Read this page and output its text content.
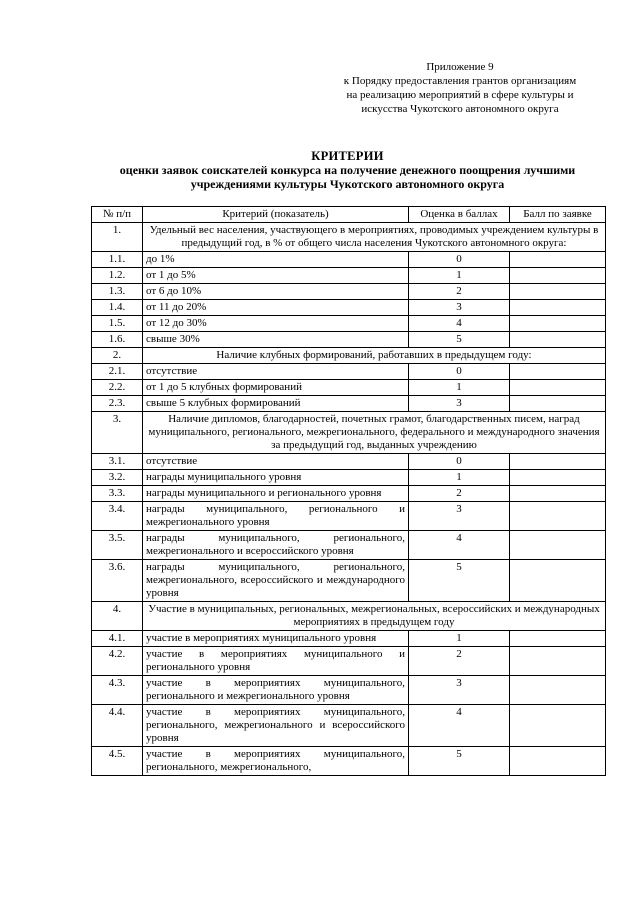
Приложение 9
к Порядку предоставления грантов организациям
на реализацию мероприятий в сфере культуры и
искусства Чукотского автономного округа
КРИТЕРИИ
оценки заявок соискателей конкурса на получение денежного поощрения лучшими
учреждениями культуры Чукотского автономного округа
№ п/п	Критерий (показатель)	Оценка в баллах	Балл по заявке
1.	Удельный вес населения, участвующего в мероприятиях, проводимых учреждением культуры в предыдущий год, в % от общего числа населения Чукотского автономного округа:		
1.1.	до 1%	0	
1.2.	от 1 до 5%	1	
1.3.	от 6 до 10%	2	
1.4.	от 11 до 20%	3	
1.5.	от 12 до 30%	4	
1.6.	свыше 30%	5	
2.	Наличие клубных формирований, работавших в предыдущем году:		
2.1.	отсутствие	0	
2.2.	от 1 до 5 клубных формирований	1	
2.3.	свыше 5 клубных формирований	3	
3.	Наличие дипломов, благодарностей, почетных грамот, благодарственных писем, наград муниципального, регионального, межрегионального, федерального и международного значения за предыдущий год, выданных учреждению		
3.1.	отсутствие	0	
3.2.	награды муниципального уровня	1	
3.3.	награды муниципального и регионального уровня	2	
3.4.	награды муниципального, регионального и межрегионального уровня	3	
3.5.	награды муниципального, регионального, межрегионального и всероссийского уровня	4	
3.6.	награды муниципального, регионального, межрегионального, всероссийского и международного уровня	5	
4.	Участие в муниципальных, региональных, межрегиональных, всероссийских и международных мероприятиях в предыдущем году		
4.1.	участие в мероприятиях муниципального уровня	1	
4.2.	участие в мероприятиях муниципального и регионального уровня	2	
4.3.	участие в мероприятиях муниципального, регионального и межрегионального уровня	3	
4.4.	участие в мероприятиях муниципального, регионального, межрегионального и всероссийского уровня	4	
4.5.	участие в мероприятиях муниципального, регионального, межрегионального,	5	
